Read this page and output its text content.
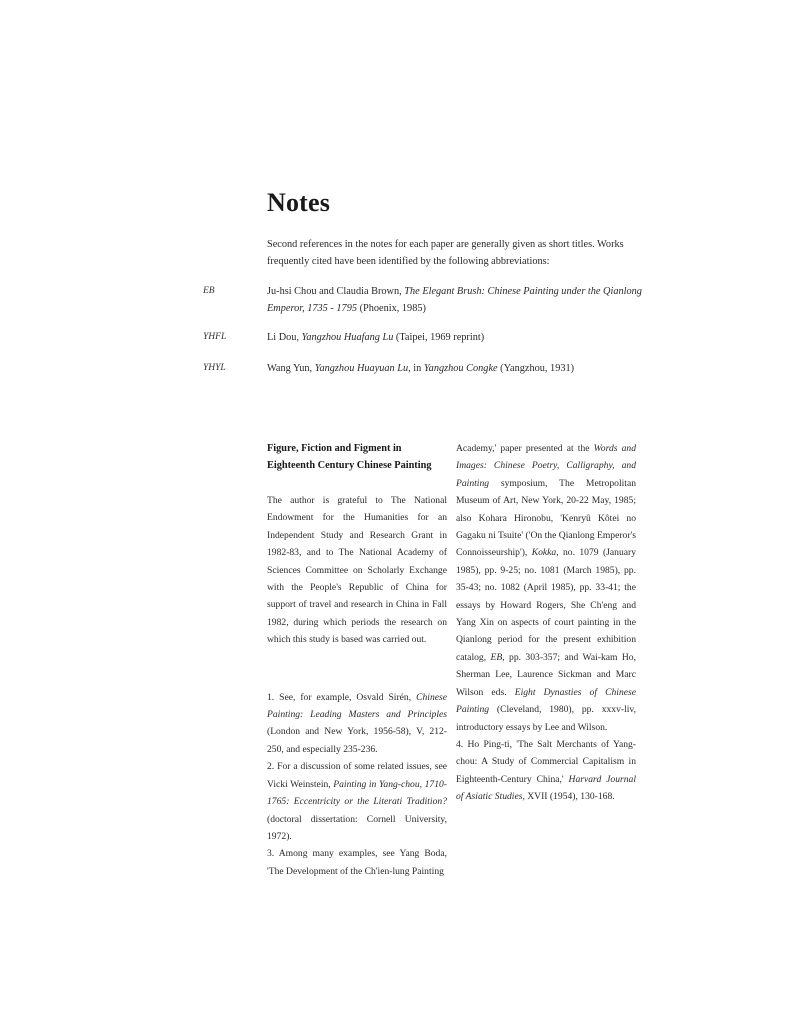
Notes
Second references in the notes for each paper are generally given as short titles. Works frequently cited have been identified by the following abbreviations:
EB	Ju-hsi Chou and Claudia Brown, The Elegant Brush: Chinese Painting under the Qianlong Emperor, 1735 - 1795 (Phoenix, 1985)
YHFL	Li Dou, Yangzhou Huafang Lu (Taipei, 1969 reprint)
YHYL	Wang Yun, Yangzhou Huayuan Lu, in Yangzhou Congke (Yangzhou, 1931)

Figure, Fiction and Figment in Eighteenth Century Chinese Painting

The author is grateful to The National Endowment for the Humanities for an Independent Study and Research Grant in 1982-83, and to The National Academy of Sciences Committee on Scholarly Exchange with the People's Republic of China for support of travel and research in China in Fall 1982, during which periods the research on which this study is based was carried out.

1. See, for example, Osvald Sirén, Chinese Painting: Leading Masters and Principles (London and New York, 1956-58), V, 212-250, and especially 235-236.

2. For a discussion of some related issues, see Vicki Weinstein, Painting in Yang-chou, 1710-1765: Eccentricity or the Literati Tradition? (doctoral dissertation: Cornell University, 1972).

3. Among many examples, see Yang Boda, 'The Development of the Ch'ien-lung Painting

Academy,' paper presented at the Words and Images: Chinese Poetry, Calligraphy, and Painting symposium, The Metropolitan Museum of Art, New York, 20-22 May, 1985; also Kohara Hironobu, 'Kenryû Kôtei no Gagaku ni Tsuite' ('On the Qianlong Emperor's Connoisseurship'), Kokka, no. 1079 (January 1985), pp. 9-25; no. 1081 (March 1985), pp. 35-43; no. 1082 (April 1985), pp. 33-41; the essays by Howard Rogers, She Ch'eng and Yang Xin on aspects of court painting in the Qianlong period for the present exhibition catalog, EB, pp. 303-357; and Wai-kam Ho, Sherman Lee, Laurence Sickman and Marc Wilson eds. Eight Dynasties of Chinese Painting (Cleveland, 1980), pp. xxxv-liv, introductory essays by Lee and Wilson.

4. Ho Ping-ti, 'The Salt Merchants of Yang-chou: A Study of Commercial Capitalism in Eighteenth-Century China,' Harvard Journal of Asiatic Studies, XVII (1954), 130-168.
